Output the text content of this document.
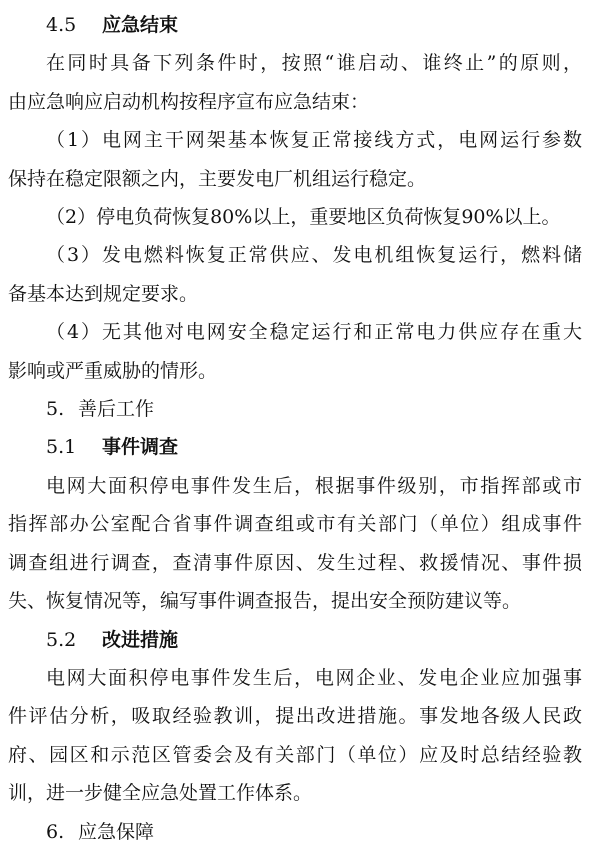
4.5 应急结束

在同时具备下列条件时，按照“谁启动、谁终止”的原则，

由应急响应启动机构按程序宣布应急结束：

（1）电网主干网架基本恢复正常接线方式，电网运行参数

保持在稳定限额之内，主要发电厂机组运行稳定。

（2）停电负荷恢复80%以上，重要地区负荷恢复90%以上。

（3）发电燃料恢复正常供应、发电机组恢复运行，燃料储

备基本达到规定要求。

（4）无其他对电网安全稳定运行和正常电力供应存在重大

影响或严重威胁的情形。

5. 善后工作

5.1 事件调查

电网大面积停电事件发生后，根据事件级别，市指挥部或市

指挥部办公室配合省事件调查组或市有关部门（单位）组成事件

调查组进行调查，查清事件原因、发生过程、救援情况、事件损

失、恢复情况等，编写事件调查报告，提出安全预防建议等。

5.2 改进措施

电网大面积停电事件发生后，电网企业、发电企业应加强事

件评估分析，吸取经验教训，提出改进措施。事发地各级人民政

府、园区和示范区管委会及有关部门（单位）应及时总结经验教

训，进一步健全应急处置工作体系。

6. 应急保障
